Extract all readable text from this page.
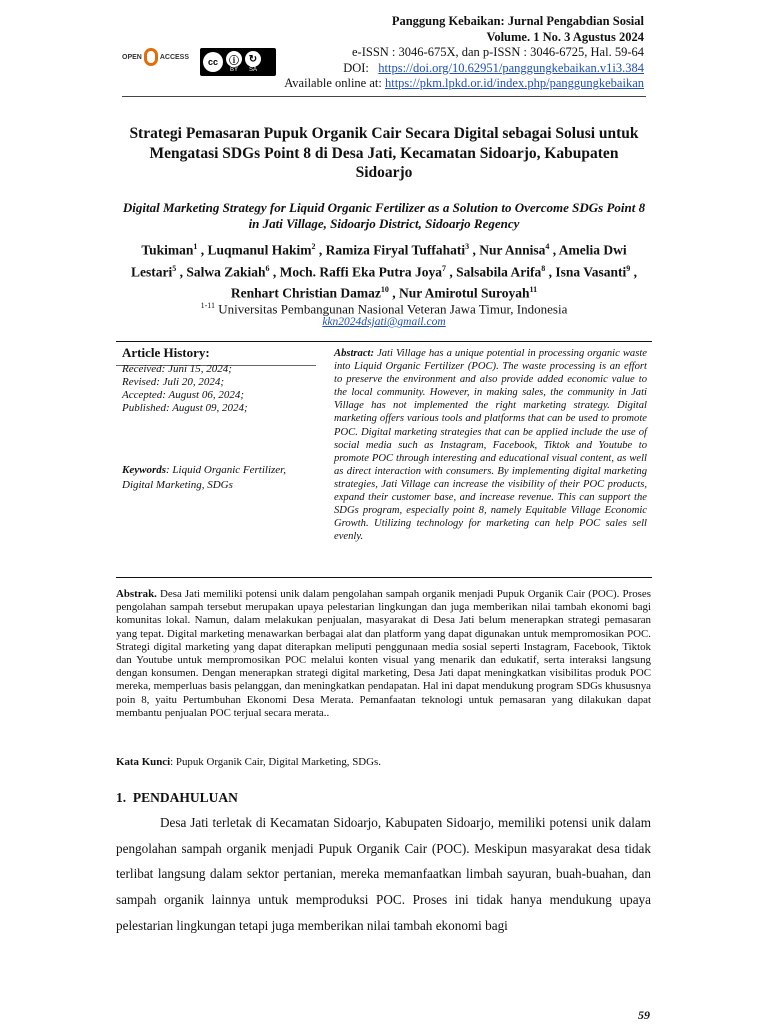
OPEN	ACCESS	cc	ⓘ
BY
↻
SA
Panggung Kebaikan: Jurnal Pengabdian Sosial
Volume. 1 No. 3 Agustus 2024
e-ISSN : 3046-675X, dan p-ISSN : 3046-6725, Hal. 59-64
DOI: https://doi.org/10.62951/panggungkebaikan.v1i3.384
Available online at: https://pkm.lpkd.or.id/index.php/panggungkebaikan
Strategi Pemasaran Pupuk Organik Cair Secara Digital sebagai Solusi untuk Mengatasi SDGs Point 8 di Desa Jati, Kecamatan Sidoarjo, Kabupaten Sidoarjo
Digital Marketing Strategy for Liquid Organic Fertilizer as a Solution to Overcome SDGs Point 8 in Jati Village, Sidoarjo District, Sidoarjo Regency
Tukiman$^1$ , Luqmanul Hakim$^2$ , Ramiza Firyal Tuffahati$^3$ , Nur Annisa$^4$ , Amelia Dwi Lestari$^5$ , Salwa Zakiah$^6$ , Moch. Raffi Eka Putra Joya$^7$ , Salsabila Arifa$^8$ , Isna Vasanti$^9$ , Renhart Christian Damaz$^{10}$ , Nur Amirotul Suroyah$^{11}$
$^{1-11}$ Universitas Pembangunan Nasional Veteran Jawa Timur, Indonesia
kkn2024dsjati@gmail.com
Article History:
Received: Juni 15, 2024;
Revised: Juli 20, 2024;
Accepted: August 06, 2024;
Published: August 09, 2024;
Keywords: Liquid Organic Fertilizer, Digital Marketing, SDGs
Abstract: Jati Village has a unique potential in processing organic waste into Liquid Organic Fertilizer (POC). The waste processing is an effort to preserve the environment and also provide added economic value to the local community. However, in making sales, the community in Jati Village has not implemented the right marketing strategy. Digital marketing offers various tools and platforms that can be used to promote POC. Digital marketing strategies that can be applied include the use of social media such as Instagram, Facebook, Tiktok and Youtube to promote POC through interesting and educational visual content, as well as direct interaction with consumers. By implementing digital marketing strategies, Jati Village can increase the visibility of their POC products, expand their customer base, and increase revenue. This can support the SDGs program, especially point 8, namely Equitable Village Economic Growth. Utilizing technology for marketing can help POC sales sell evenly.
Abstrak. Desa Jati memiliki potensi unik dalam pengolahan sampah organik menjadi Pupuk Organik Cair (POC). Proses pengolahan sampah tersebut merupakan upaya pelestarian lingkungan dan juga memberikan nilai tambah ekonomi bagi komunitas lokal. Namun, dalam melakukan penjualan, masyarakat di Desa Jati belum menerapkan strategi pemasaran yang tepat. Digital marketing menawarkan berbagai alat dan platform yang dapat digunakan untuk mempromosikan POC. Strategi digital marketing yang dapat diterapkan meliputi penggunaan media sosial seperti Instagram, Facebook, Tiktok dan Youtube untuk mempromosikan POC melalui konten visual yang menarik dan edukatif, serta interaksi langsung dengan konsumen. Dengan menerapkan strategi digital marketing, Desa Jati dapat meningkatkan visibilitas produk POC mereka, memperluas basis pelanggan, dan meningkatkan pendapatan. Hal ini dapat mendukung program SDGs khususnya poin 8, yaitu Pertumbuhan Ekonomi Desa Merata. Pemanfaatan teknologi untuk pemasaran yang dilakukan dapat membantu penjualan POC terjual secara merata..
Kata Kunci: Pupuk Organik Cair, Digital Marketing, SDGs.
1. PENDAHULUAN

Desa Jati terletak di Kecamatan Sidoarjo, Kabupaten Sidoarjo, memiliki potensi unik dalam pengolahan sampah organik menjadi Pupuk Organik Cair (POC). Meskipun masyarakat desa tidak terlibat langsung dalam sektor pertanian, mereka memanfaatkan limbah sayuran, buah-buahan, dan sampah organik lainnya untuk memproduksi POC. Proses ini tidak hanya mendukung upaya pelestarian lingkungan tetapi juga memberikan nilai tambah ekonomi bagi

59
